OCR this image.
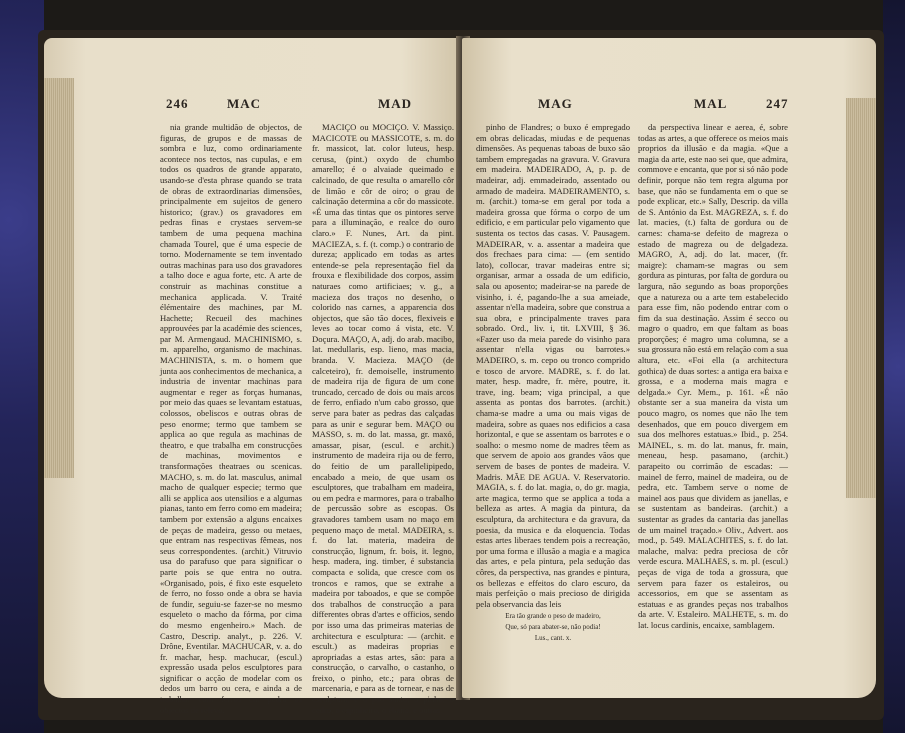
246	MAC	MAD

nia grande multidão de objectos, de figuras, de grupos e de massas de sombra e luz, como ordinariamente acontece nos tectos, nas cupulas, e em todos os quadros de grande apparato, usando-se d'esta phrase quando se trata de obras de extraordinarias dimensões, principalmente em sujeitos de genero historico; (grav.) os gravadores em pedras finas e crystaes servem-se tambem de uma pequena machina chamada Tourel, que é uma especie de torno. Modernamente se tem inventado outras machinas para uso dos gravadores a talho doce e agua forte, etc. A arte de construir as machinas constitue a mechanica applicada. V. Traité élémentaire des machines, par M. Hachette; Recueil des machines approuvées par la académie des sciences, par M. Armengaud. MACHINISMO, s. m. apparelho, organismo de machinas. MACHINISTA, s. m. o homem que junta aos conhecimentos de mechanica, a industria de inventar machinas para augmentar e reger as forças humanas, por meio das quaes se levantam estatuas, colossos, obeliscos e outras obras de peso enorme; termo que tambem se applica ao que regula as machinas de theatro, e que trabalha em construcções de machinas, movimentos e transformações theatraes ou scenicas. MACHO, s. m. do lat. masculus, animal macho de qualquer especie; termo que alli se applica aos utensilios e a algumas pianas, tanto em ferro como em madeira; tambem por extensão a alguns encaixes de peças de madeira, gesso ou metaes, que entram nas respectivas fêmeas, nos seus correspondentes. (archit.) Vitruvio usa do parafuso que para significar o parte pois se que entra no outra. «Organisado, pois, é fixo este esqueleto de ferro, no fosso onde a obra se havia de fundir, seguiu-se fazer-se no mesmo esqueleto o macho da fórma, por cima do mesmo engenheiro.» Mach. de Castro, Descrip. analyt., p. 226. V. Drône, Eventilar. MACHUCAR, v. a. do fr. machar, hesp. machucar, (escul.) expressão usada pelos esculptores para significar o acção de modelar com os dedos um barro ou cera, e ainda a de trabalhar com ferros em pedra os objectos de relevo.

MACIÇO ou MOCIÇO. V. Massiço. MACICOTE ou MASSICOTE, s. m. do fr. massicot, lat. color luteus, hesp. cerusa, (pint.) oxydo de chumbo amarello; é o alvaiade queimado e calcinado, de que resulta o amarello côr de limão e côr de oiro; o grau de calcinação determina a côr do massicote. «É uma das tintas que os pintores serve para a illuminação, e realce do ouro claro.» F. Nunes, Art. da pint. MACIEZA, s. f. (t. comp.) o contrario de dureza; applicado em todas as artes entende-se pela representação fiel da frouxa e flexibilidade dos corpos, assim naturaes como artificiaes; v. g., a macieza dos traços no desenho, o colorido nas carnes, a apparencia dos objectos, que são tão doces, flexiveis e leves ao tocar como á vista, etc. V. Doçura. MAÇO, A, adj. do arab. macibo, lat. medullaris, esp. lieno, mas macia, branda. V. Macieza. MAÇO (de calceteiro), fr. demoiselle, instrumento de madeira rija de figura de um cone truncado, cercado de dois ou mais arcos de ferro, enfiado n'um cabo grosso, que serve para bater as pedras das calçadas para as unir e segurar bem. MAÇO ou MASSO, s. m. do lat. massa, gr. maxó, amassar, pisar, (escul. e archit.) instrumento de madeira rija ou de ferro, do feitio de um parallelipipedo, encabado a meio, de que usam os esculptores, que trabalham em madeira, ou em pedra e marmores, para o trabalho de percussão sobre as escopas. Os gravadores tambem usam no maço em pequeno maço de metal. MADEIRA, s. f. do lat. materia, madeira de construcção, lignum, fr. bois, it. legno, hesp. madera, ing. timber, é substancia compacta e solida, que cresce com os troncos e ramos, que se extrahe a madeira por taboados, e que se compõe dos trabalhos de construcção a para differentes obras d'artes e officios, sendo por isso uma das primeiras materias de architectura e esculptura: — (archit. e escult.) as madeiras proprias e apropriadas a estas artes, são: para a construcção, o carvalho, o castanho, o freixo, o pinho, etc.; para obras de marcenaria, e para as de tornear, e nas de esculptura, e o pao santo, o pinho, o cedro, o espinheiro, o ébano, e outras.

MAG	MAL	247

pinho de Flandres; o buxo é empregado em obras delicadas, miudas e de pequenas dimensões. As pequenas taboas de buxo são tambem empregadas na gravura. V. Gravura em madeira. MADEIRADO, A, p. p. de madeirar, adj. emmadeirado, assentado ou armado de madeira. MADEIRAMENTO, s. m. (archit.) toma-se em geral por toda a madeira grossa que fórma o corpo de um edificio, e em particular pelo vigamento que sustenta os tectos das casas. V. Pausagem. MADEIRAR, v. a. assentar a madeira que dos frechaes para cima: — (em sentido lato), collocar, travar madeiras entre si; organisar, armar a ossada de um edificio, sala ou aposento; madeirar-se na parede de visinho, i. é, pagando-lhe a sua ameiade, assentar n'ella madeira, sobre que construa a sua obra, e principalmente traves para sobrado. Ord., liv. i, tit. LXVIII, § 36. «Fazer uso da meia parede do visinho para assentar n'ella vigas ou barrotes.» MADEIRO, s. m. cepo ou tronco comprido e tosco de arvore. MADRE, s. f. do lat. mater, hesp. madre, fr. mère, poutre, it. trave, ing. beam; viga principal, a que assenta as pontas dos barrotes. (archit.) chama-se madre a uma ou mais vigas de madeira, sobre as quaes nos edificios a casa horizontal, e que se assentam os barrotes e o soalho: o mesmo nome de madres têem as que servem de apoio aos grandes vãos que servem de bases de pontes de madeira. V. Madris. MÃE DE AGUA. V. Reservatorio. MAGIA, s. f. do lat. magia, o, do gr. magia, arte magica, termo que se applica a toda a belleza as artes. A magia da pintura, da esculptura, da architectura e da gravura, da poesia, da musica e da eloquencia. Todas estas artes liberaes tendem pois a recreação, por uma forma e illusão a magia e a magica das artes, e pela pintura, pela sedução das côres, da perspectiva, nas grandes e pintura, os bellezas e effeitos do claro escuro, da mais perfeição o mais precioso de dirigida pela observancia das leis

Era tão grande o peso de madeiro,
Que, só para abater-se, não podia!
Lus., cant. x.

da perspectiva linear e aerea, é, sobre todas as artes, a que offerece os meios mais proprios da illusão e da magia. «Que a magia da arte, este nao sei que, que admira, commove e encanta, que por si só não pode definir, porque não tem regra alguma por base, que não se fundamenta em o que se pode explicar, etc.» Sally, Descrip. da villa de S. António da Est. MAGREZA, s. f. do lat. macies, (t.) falta de gordura ou de carnes: chama-se defeito de magreza o estado de magreza ou de delgadeza. MAGRO, A, adj. do lat. macer, (fr. maigre): chamam-se magras ou sem gordura as pinturas, por falta de gordura ou largura, não segundo as boas proporções que a natureza ou a arte tem estabelecido para esse fim, não podendo entrar com o fim da sua destinação. Assim é secco ou magro o quadro, em que faltam as boas proporções; é magro uma columna, se a sua grossura não está em relação com a sua altura, etc. «Foi ella (a architectura gothica) de duas sortes: a antiga era baixa e grossa, e a moderna mais magra e delgada.» Cyr. Mem., p. 161. «É não obstante ser a sua maneira da vista um pouco magro, os nomes que não lhe tem desenhados, que em pouco divergem em sua dos melhores estatuas.» Ibid., p. 254. MAINEL, s. m. do lat. manus, fr. main, meneau, hesp. pasamano, (archit.) parapeito ou corrimão de escadas: — mainel de ferro, mainel de madeira, ou de pedra, etc. Tambem serve o nome de mainel aos paus que dividem as janellas, e se sustentam as bandeiras. (archit.) a sustentar as grades da cantaria das janellas de um mainel traçado.» Oliv., Advert. aos mod., p. 549. MALACHITES, s. f. do lat. malache, malva: pedra preciosa de côr verde escura. MALHAES, s. m. pl. (escul.) peças de viga de toda a grossura, que servem para fazer os estaleiros, ou accessorios, em que se assentam as estatuas e as grandes peças nos trabalhos da arte. V. Estaleiro. MALHETE, s. m. do lat. locus cardinis, encaixe, samblagem.
